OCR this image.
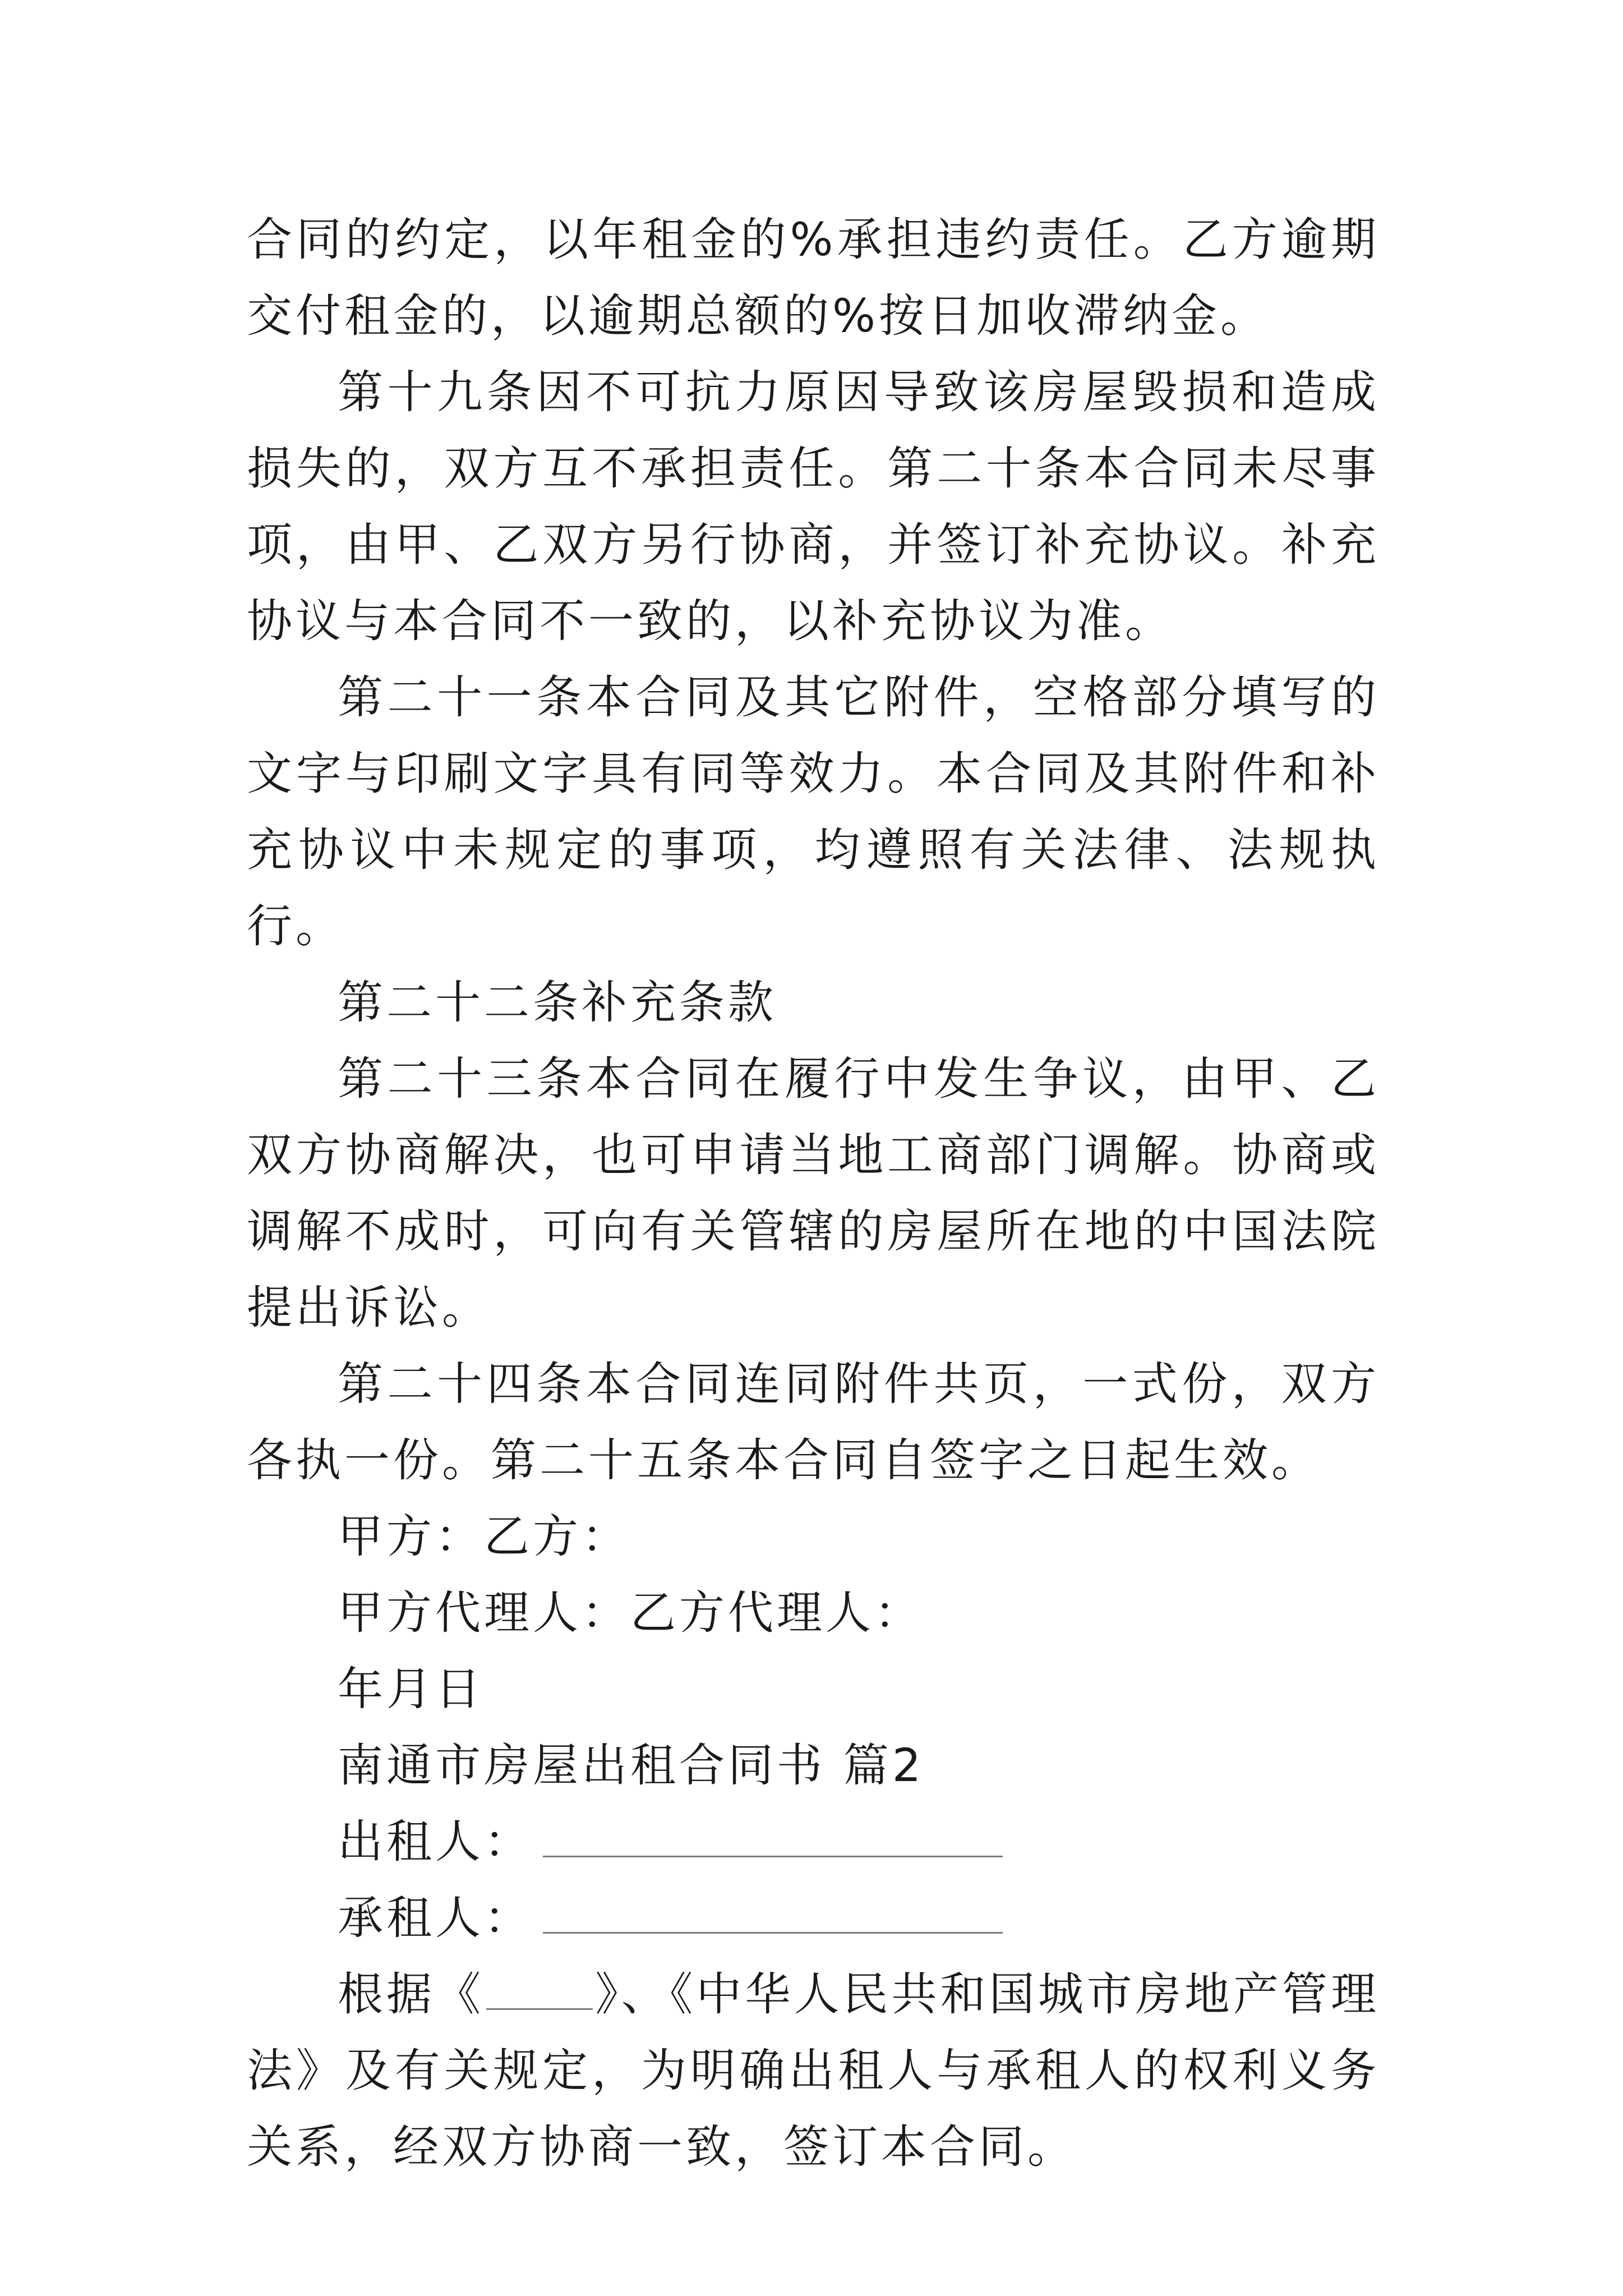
合同的约定，以年租金的%承担违约责任。乙方逾期交付租金的，以逾期总额的%按日加收滞纳金。

第十九条因不可抗力原因导致该房屋毁损和造成损失的，双方互不承担责任。第二十条本合同未尽事项，由甲、乙双方另行协商，并签订补充协议。补充协议与本合同不一致的，以补充协议为准。

第二十一条本合同及其它附件，空格部分填写的文字与印刷文字具有同等效力。本合同及其附件和补充协议中未规定的事项，均遵照有关法律、法规执行。

第二十二条补充条款

第二十三条本合同在履行中发生争议，由甲、乙双方协商解决，也可申请当地工商部门调解。协商或调解不成时，可向有关管辖的房屋所在地的中国法院提出诉讼。

第二十四条本合同连同附件共页，一式份，双方各执一份。第二十五条本合同自签字之日起生效。

甲方：乙方：

甲方代理人：乙方代理人：

年月日

南通市房屋出租合同书 篇2

出租人：

承租人：

根据《 》、《中华人民共和国城市房地产管理法》及有关规定，为明确出租人与承租人的权利义务关系，经双方协商一致，签订本合同。
